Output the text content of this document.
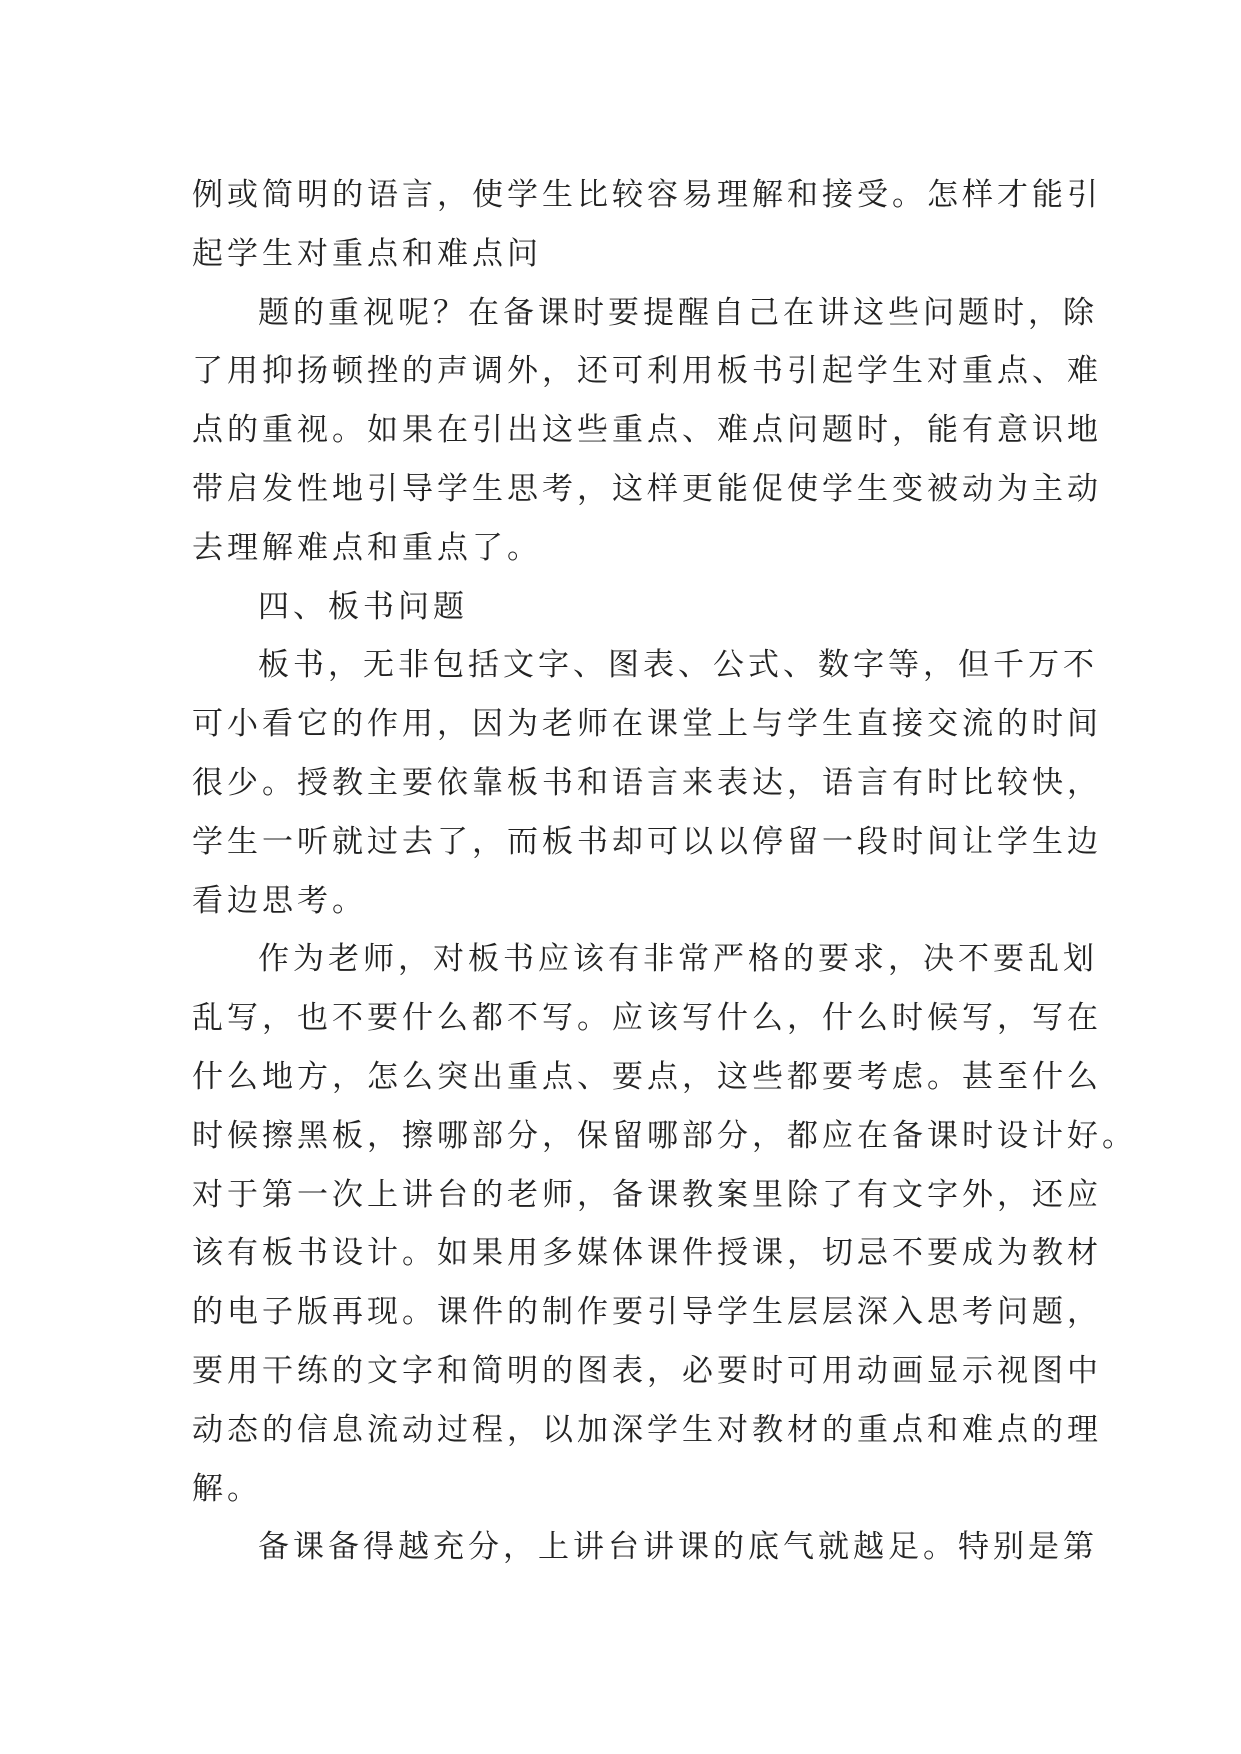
例或简明的语言，使学生比较容易理解和接受。怎样才能引
起学生对重点和难点问
题的重视呢？在备课时要提醒自己在讲这些问题时，除
了用抑扬顿挫的声调外，还可利用板书引起学生对重点、难
点的重视。如果在引出这些重点、难点问题时，能有意识地
带启发性地引导学生思考，这样更能促使学生变被动为主动
去理解难点和重点了。
四、板书问题
板书，无非包括文字、图表、公式、数字等，但千万不
可小看它的作用，因为老师在课堂上与学生直接交流的时间
很少。授教主要依靠板书和语言来表达，语言有时比较快，
学生一听就过去了，而板书却可以以停留一段时间让学生边
看边思考。
作为老师，对板书应该有非常严格的要求，决不要乱划
乱写，也不要什么都不写。应该写什么，什么时候写，写在
什么地方，怎么突出重点、要点，这些都要考虑。甚至什么
时候擦黑板，擦哪部分，保留哪部分，都应在备课时设计好。
对于第一次上讲台的老师，备课教案里除了有文字外，还应
该有板书设计。如果用多媒体课件授课，切忌不要成为教材
的电子版再现。课件的制作要引导学生层层深入思考问题，
要用干练的文字和简明的图表，必要时可用动画显示视图中
动态的信息流动过程，以加深学生对教材的重点和难点的理
解。
备课备得越充分，上讲台讲课的底气就越足。特别是第
